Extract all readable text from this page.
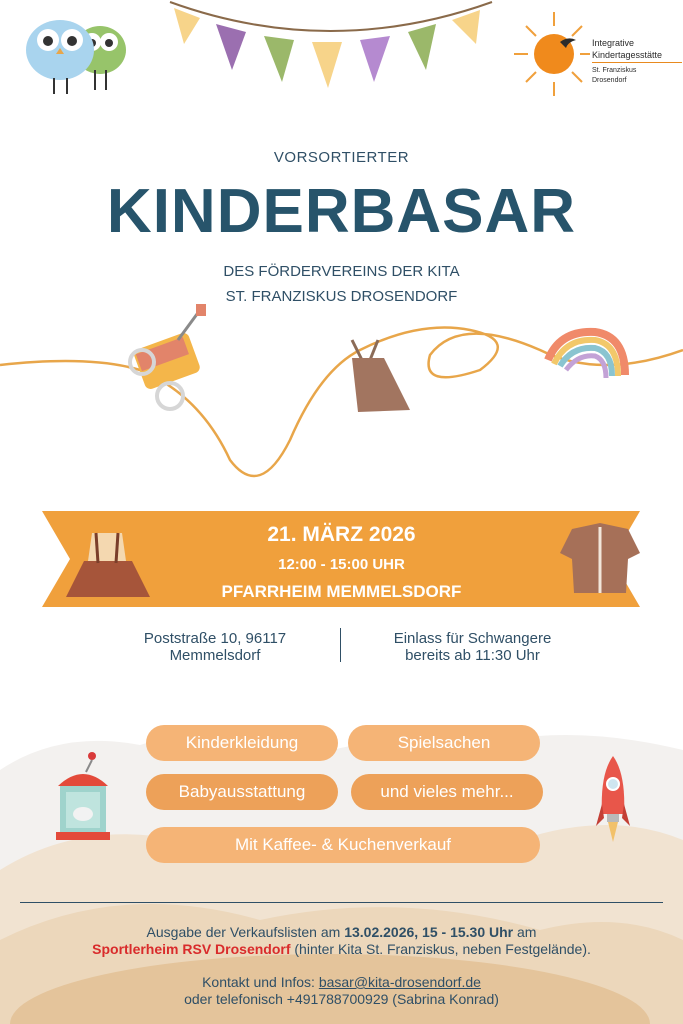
Integrative
Kindertagesstätte
St. Franziskus
Drosendorf
VORSORTIERTER
KINDERBASAR
DES FÖRDERVEREINS DER KITA
ST. FRANZISKUS DROSENDORF
21. MÄRZ 2026
12:00 - 15:00 UHR
PFARRHEIM MEMMELSDORF
Poststraße 10, 96117
Memmelsdorf
Einlass für Schwangere
bereits ab 11:30 Uhr
Kinderkleidung	Spielsachen
Babyausstattung	und vieles mehr...
Mit Kaffee- & Kuchenverkauf
Ausgabe der Verkaufslisten am 13.02.2026, 15 - 15.30 Uhr am
Sportlerheim RSV Drosendorf (hinter Kita St. Franziskus, neben Festgelände).
Kontakt und Infos: basar@kita-drosendorf.de
oder telefonisch +491788700929 (Sabrina Konrad)
